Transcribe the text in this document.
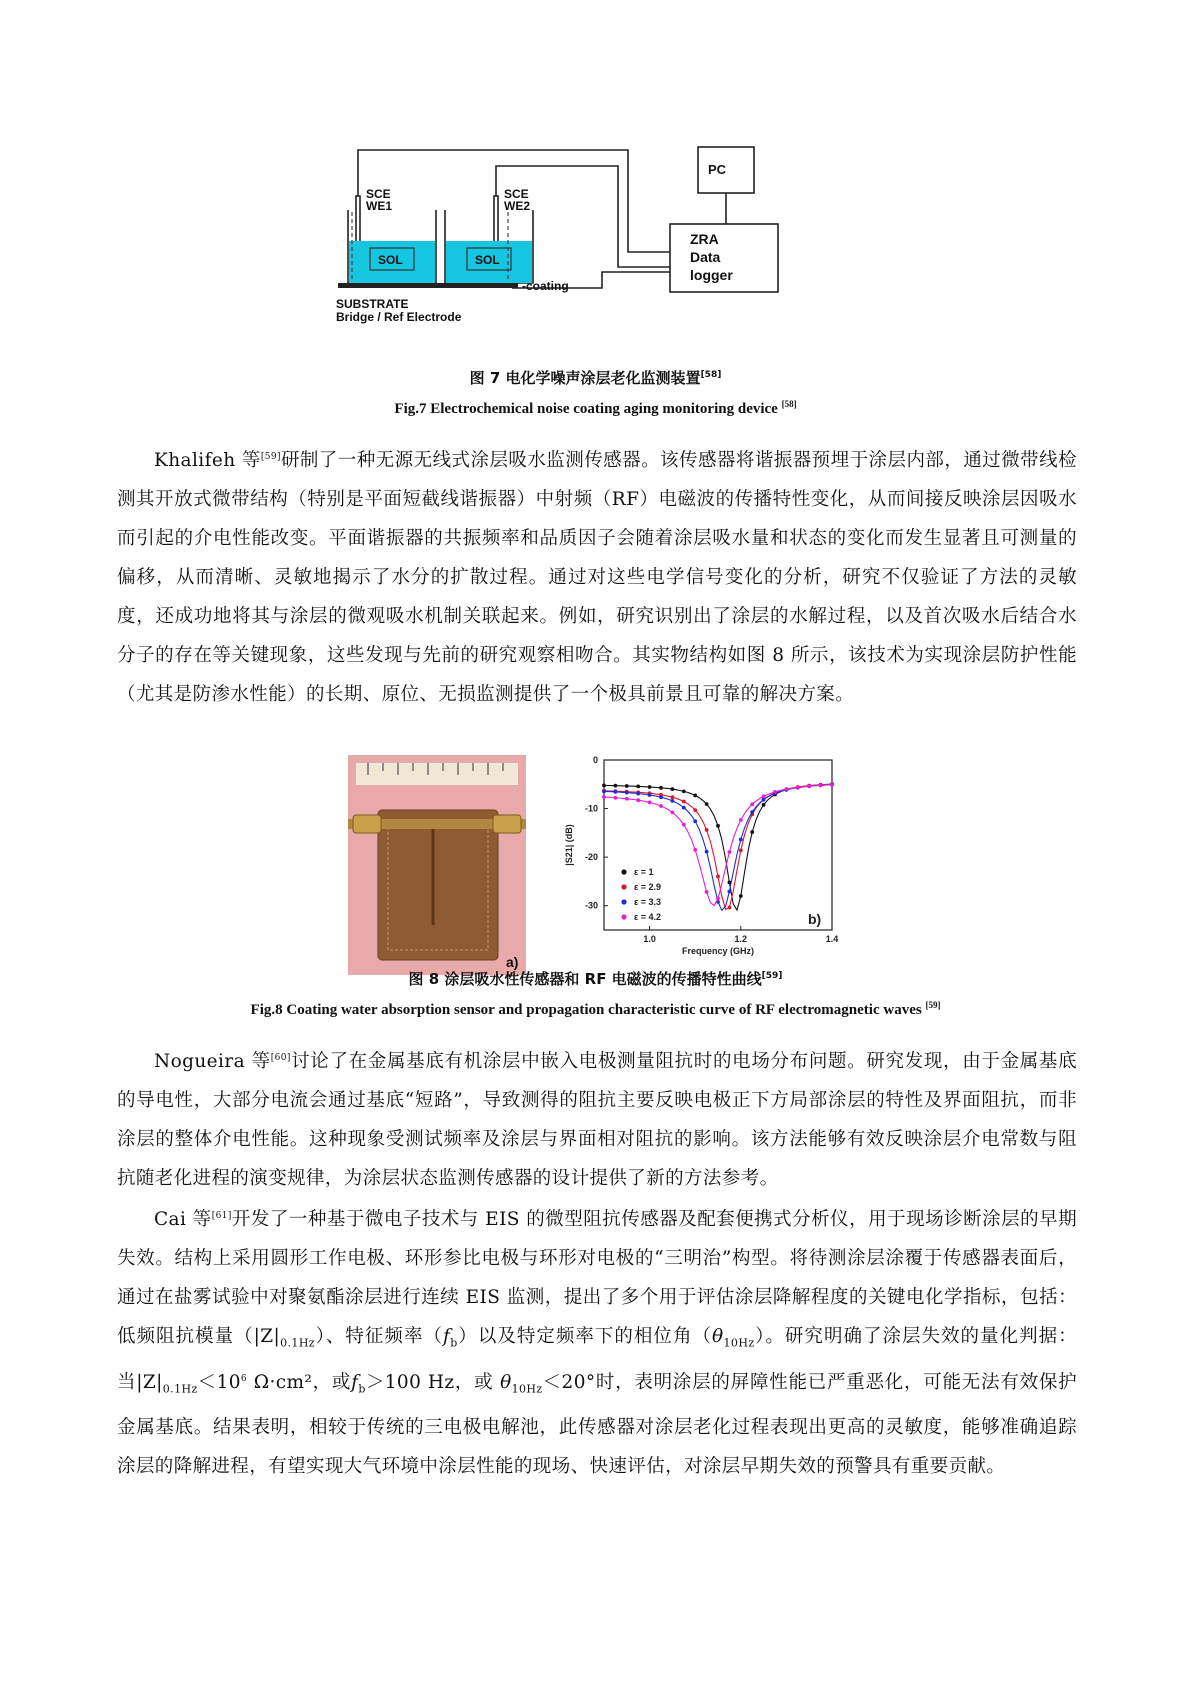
PC
ZRA
Data
logger
SCE
WE1
SCE
WE2
SOL	SOL
-coating
SUBSTRATE
Bridge / Ref Electrode
图 7 电化学噪声涂层老化监测装置[58]
Fig.7 Electrochemical noise coating aging monitoring device [58]
Khalifeh 等[59]研制了一种无源无线式涂层吸水监测传感器。该传感器将谐振器预埋于涂层内部，通过微带线检测其开放式微带结构（特别是平面短截线谐振器）中射频（RF）电磁波的传播特性变化，从而间接反映涂层因吸水而引起的介电性能改变。平面谐振器的共振频率和品质因子会随着涂层吸水量和状态的变化而发生显著且可测量的偏移，从而清晰、灵敏地揭示了水分的扩散过程。通过对这些电学信号变化的分析，研究不仅验证了方法的灵敏度，还成功地将其与涂层的微观吸水机制关联起来。例如，研究识别出了涂层的水解过程，以及首次吸水后结合水分子的存在等关键现象，这些发现与先前的研究观察相吻合。其实物结构如图 8 所示，该技术为实现涂层防护性能（尤其是防渗水性能）的长期、原位、无损监测提供了一个极具前景且可靠的解决方案。
a)
0
-10
-20
-30
1.0	1.2	1.4
Frequency (GHz)
|S21| (dB)
ε = 1
ε = 2.9
ε = 3.3
ε = 4.2	b)
图 8 涂层吸水性传感器和 RF 电磁波的传播特性曲线[59]
Fig.8 Coating water absorption sensor and propagation characteristic curve of RF electromagnetic waves [59]
Nogueira 等[60]讨论了在金属基底有机涂层中嵌入电极测量阻抗时的电场分布问题。研究发现，由于金属基底的导电性，大部分电流会通过基底“短路”，导致测得的阻抗主要反映电极正下方局部涂层的特性及界面阻抗，而非涂层的整体介电性能。这种现象受测试频率及涂层与界面相对阻抗的影响。该方法能够有效反映涂层介电常数与阻抗随老化进程的演变规律，为涂层状态监测传感器的设计提供了新的方法参考。
Cai 等[61]开发了一种基于微电子技术与 EIS 的微型阻抗传感器及配套便携式分析仪，用于现场诊断涂层的早期失效。结构上采用圆形工作电极、环形参比电极与环形对电极的“三明治”构型。将待测涂层涂覆于传感器表面后，通过在盐雾试验中对聚氨酯涂层进行连续 EIS 监测，提出了多个用于评估涂层降解程度的关键电化学指标，包括：低频阻抗模量$(|Z|_{0.1Hz})$、特征频率$(f_b)$以及特定频率下的相位角$(\theta_{10Hz})$。研究明确了涂层失效的量化判据：当$|Z|_{0.1Hz}<10^6$ Ω·cm²，或$f_b>100$ Hz，或 $\theta_{10Hz}<20^\circ$时，表明涂层的屏障性能已严重恶化，可能无法有效保护金属基底。结果表明，相较于传统的三电极电解池，此传感器对涂层老化过程表现出更高的灵敏度，能够准确追踪涂层的降解进程，有望实现大气环境中涂层性能的现场、快速评估，对涂层早期失效的预警具有重要贡献。
